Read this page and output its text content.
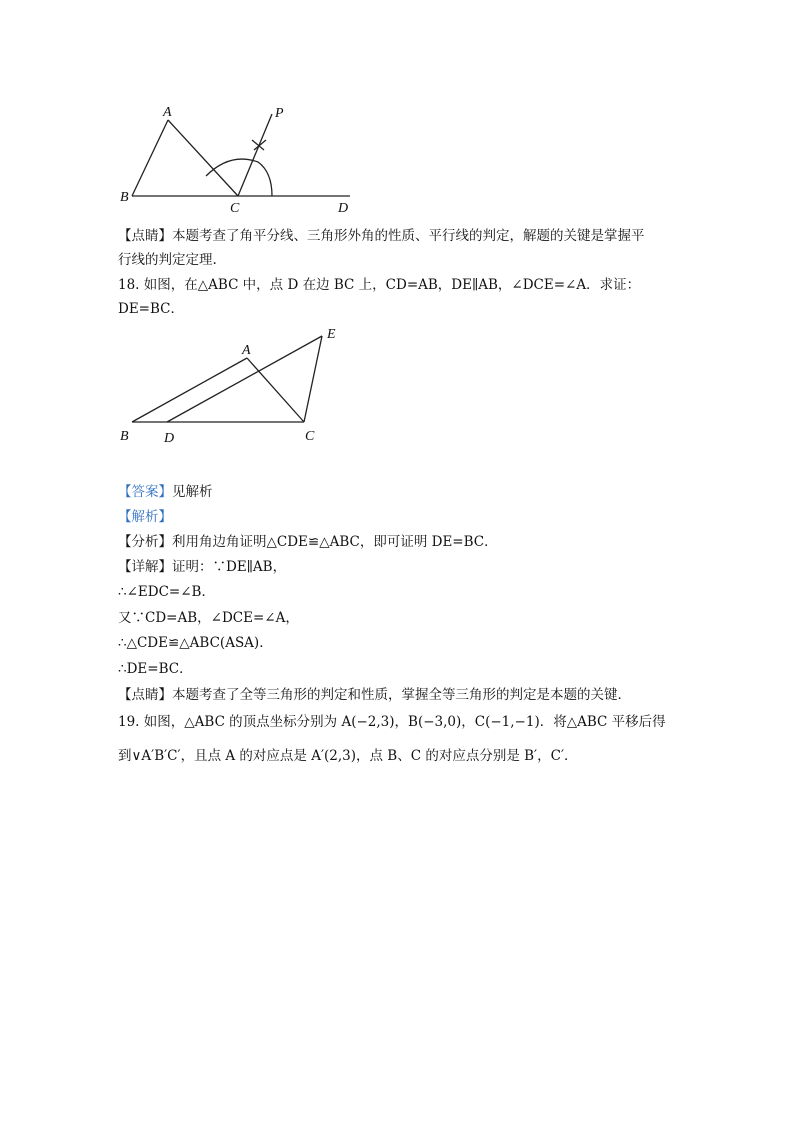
A
B
C	D
P
【点睛】本题考查了角平分线、三角形外角的性质、平行线的判定，解题的关键是掌握平
行线的判定定理.
18. 如图，在△ABC 中，点 D 在边 BC 上，CD=AB，DE∥AB，∠DCE=∠A．求证：
DE=BC．
A
B	C
D
E
【答案】见解析
【解析】
【分析】利用角边角证明△CDE≌△ABC，即可证明 DE=BC．
【详解】证明：∵DE∥AB，
∴∠EDC=∠B．
又∵CD=AB，∠DCE=∠A，
∴△CDE≌△ABC(ASA)．
∴DE=BC．
【点睛】本题考查了全等三角形的判定和性质，掌握全等三角形的判定是本题的关键．
19. 如图，△ABC 的顶点坐标分别为 A(−2,3)，B(−3,0)，C(−1,−1)．将△ABC 平移后得
到∨A′B′C′，且点 A 的对应点是 A′(2,3)，点 B、C 的对应点分别是 B′，C′．
